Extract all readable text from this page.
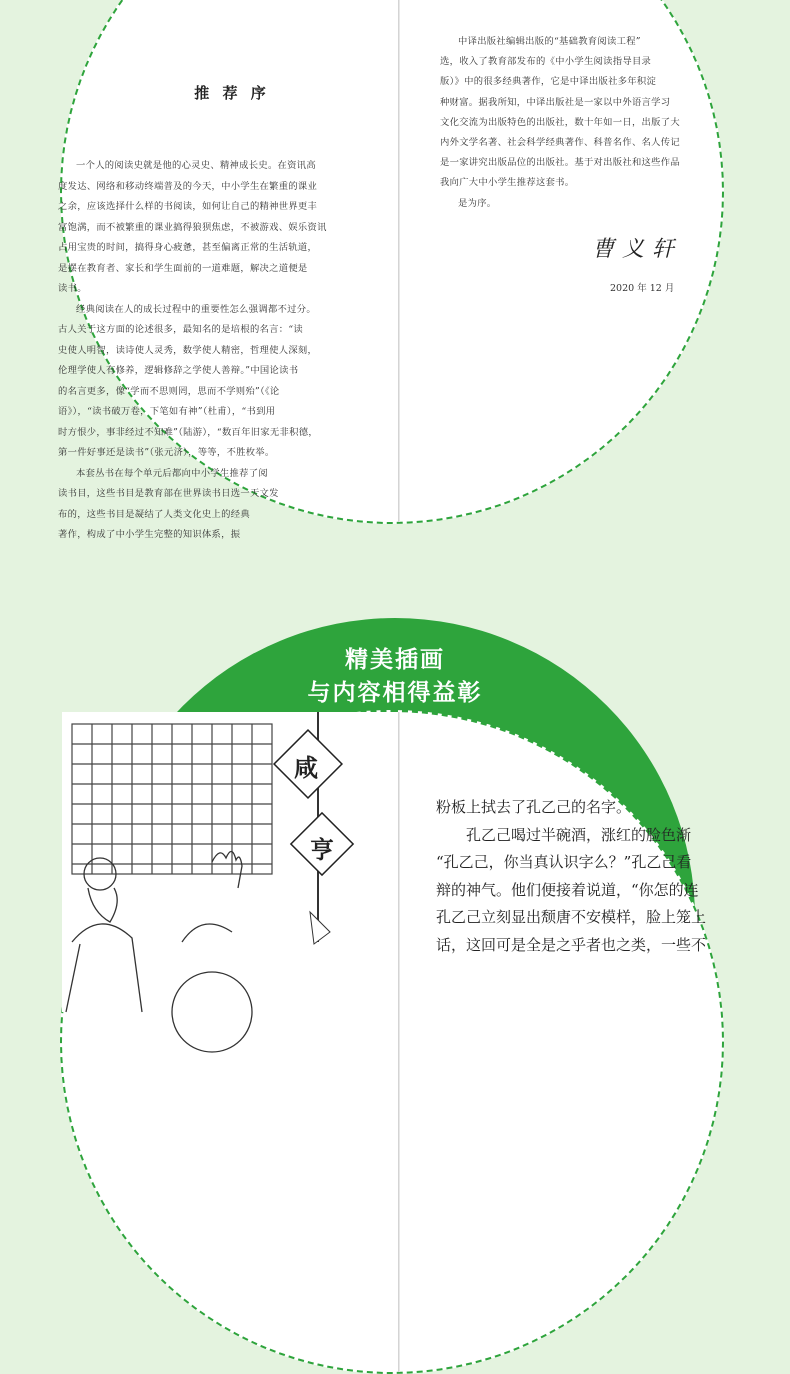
推 荐 序

一个人的阅读史就是他的心灵史、精神成长史。在资讯高

度发达、网络和移动终端普及的今天，中小学生在繁重的课业

之余，应该选择什么样的书阅读，如何让自己的精神世界更丰

富饱满，而不被繁重的课业搞得狼狈焦虑，不被游戏、娱乐资讯

占用宝贵的时间，搞得身心疲惫，甚至偏离正常的生活轨道，

是摆在教育者、家长和学生面前的一道难题，解决之道便是

读书。

经典阅读在人的成长过程中的重要性怎么强调都不过分。

古人关于这方面的论述很多，最知名的是培根的名言：“读

史使人明智，读诗使人灵秀，数学使人精密，哲理使人深刻，

伦理学使人有修养，逻辑修辞之学使人善辩。”中国论读书

的名言更多，像“学而不思则罔，思而不学则殆”（《论

语》），“读书破万卷，下笔如有神”（杜甫），“书到用

时方恨少，事非经过不知难”（陆游），“数百年旧家无非积德，

第一件好事还是读书”（张元济），等等，不胜枚举。

本套丛书在每个单元后都向中小学生推荐了阅

读书目，这些书目是教育部在世界读书日选一天文发

布的，这些书目是凝结了人类文化史上的经典

著作，构成了中小学生完整的知识体系，振

中译出版社编辑出版的“基础教育阅读工程”

选，收入了教育部发布的《中小学生阅读指导目录

版）》中的很多经典著作，它是中译出版社多年积淀

种财富。据我所知，中译出版社是一家以中外语言学习

文化交流为出版特色的出版社，数十年如一日，出版了大

内外文学名著、社会科学经典著作、科普名作、名人传记

是一家讲究出版品位的出版社。基于对出版社和这些作品

我向广大中小学生推荐这套书。

是为序。

曹义轩
2020 年 12 月
精美插画
与内容相得益彰
咸
亨

粉板上拭去了孔乙己的名字。

孔乙己喝过半碗酒，涨红的脸色渐

“孔乙己，你当真认识字么？”孔乙己看

辩的神气。他们便接着说道，“你怎的连

孔乙己立刻显出颓唐不安模样，脸上笼上

话，这回可是全是之乎者也之类，一些不
